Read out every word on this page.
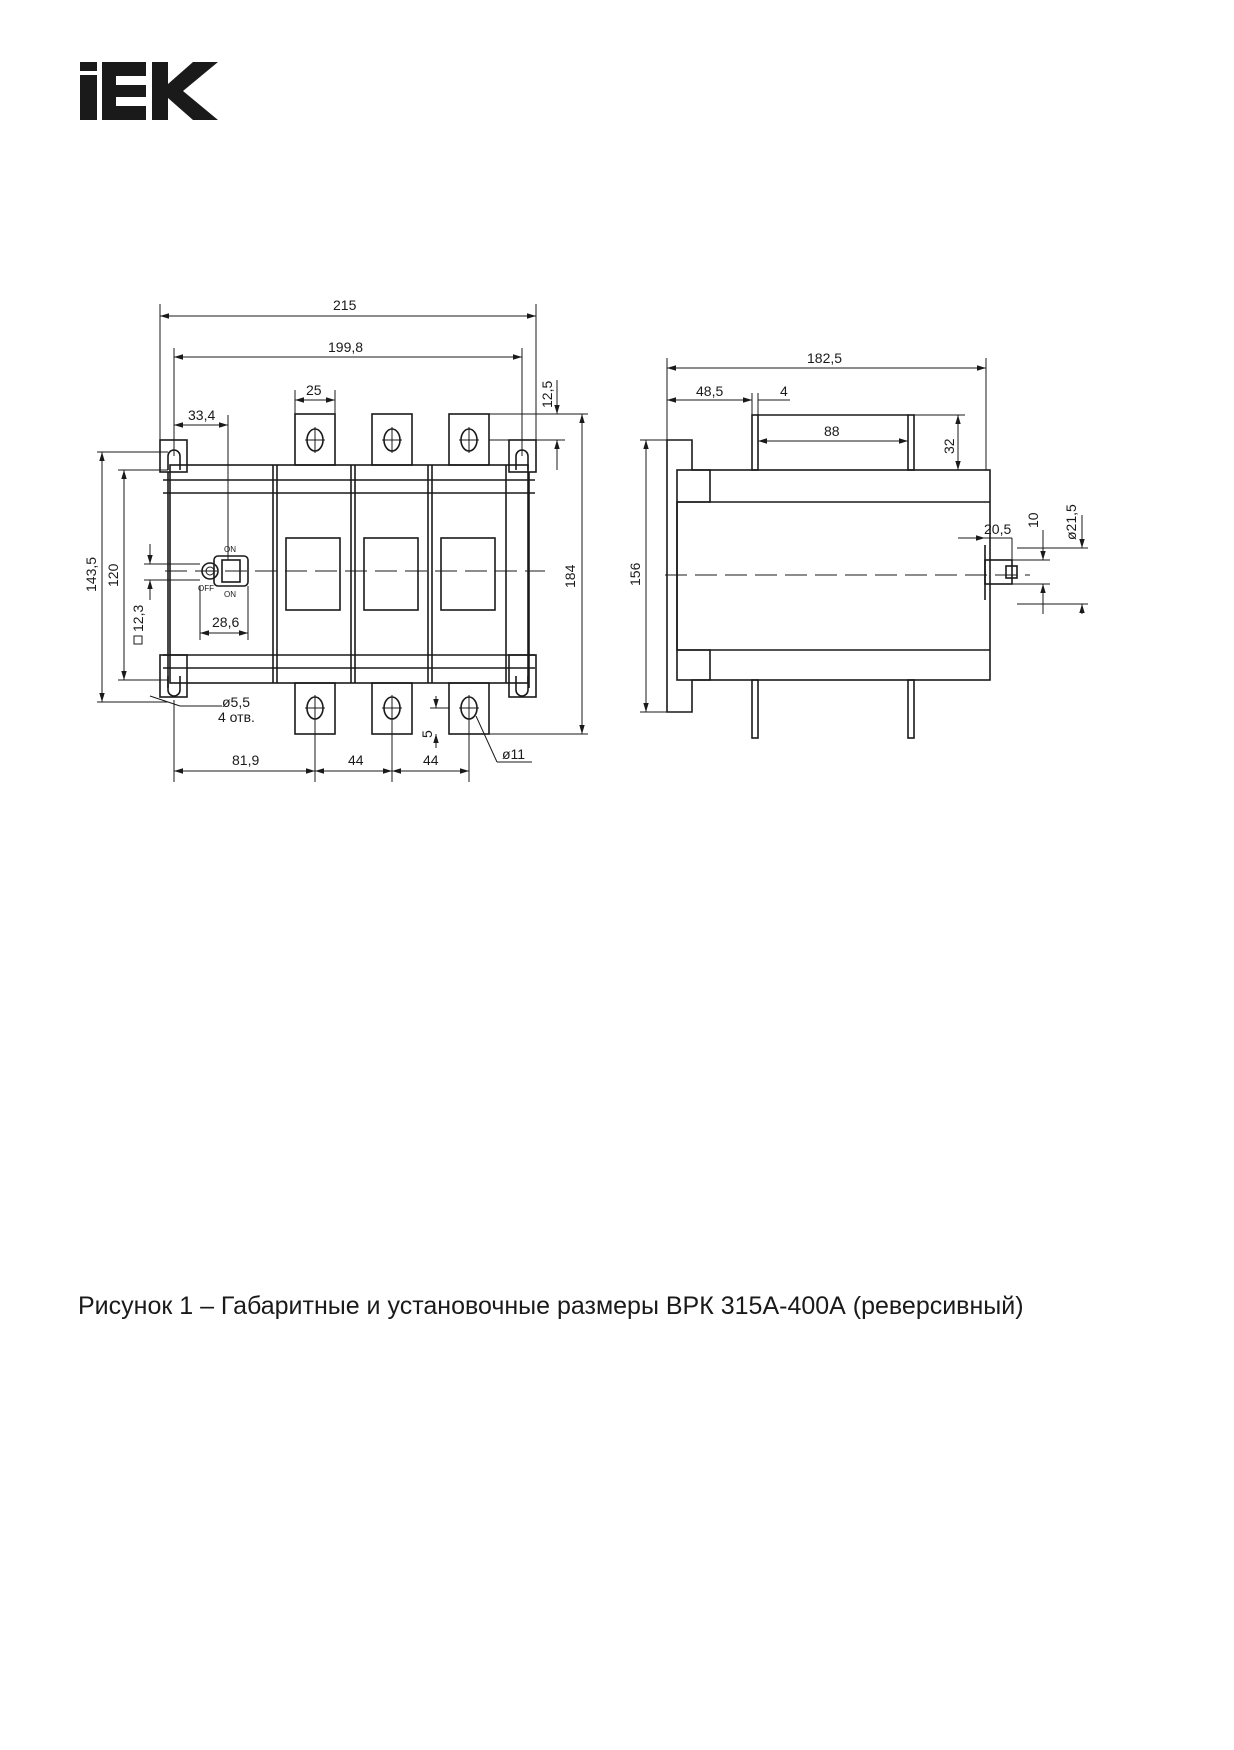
ON
OFF
ON
215
199,8
25
33,4
12,5
143,5 120
12,3	28,6
184
ø5,5
4 отв.
5
ø11
81,9	44	44
182,5
48,5	4
88
32
156
20,5
10 ø21,5
Рисунок 1 – Габаритные и установочные размеры ВРК 315А-400А (реверсивный)
